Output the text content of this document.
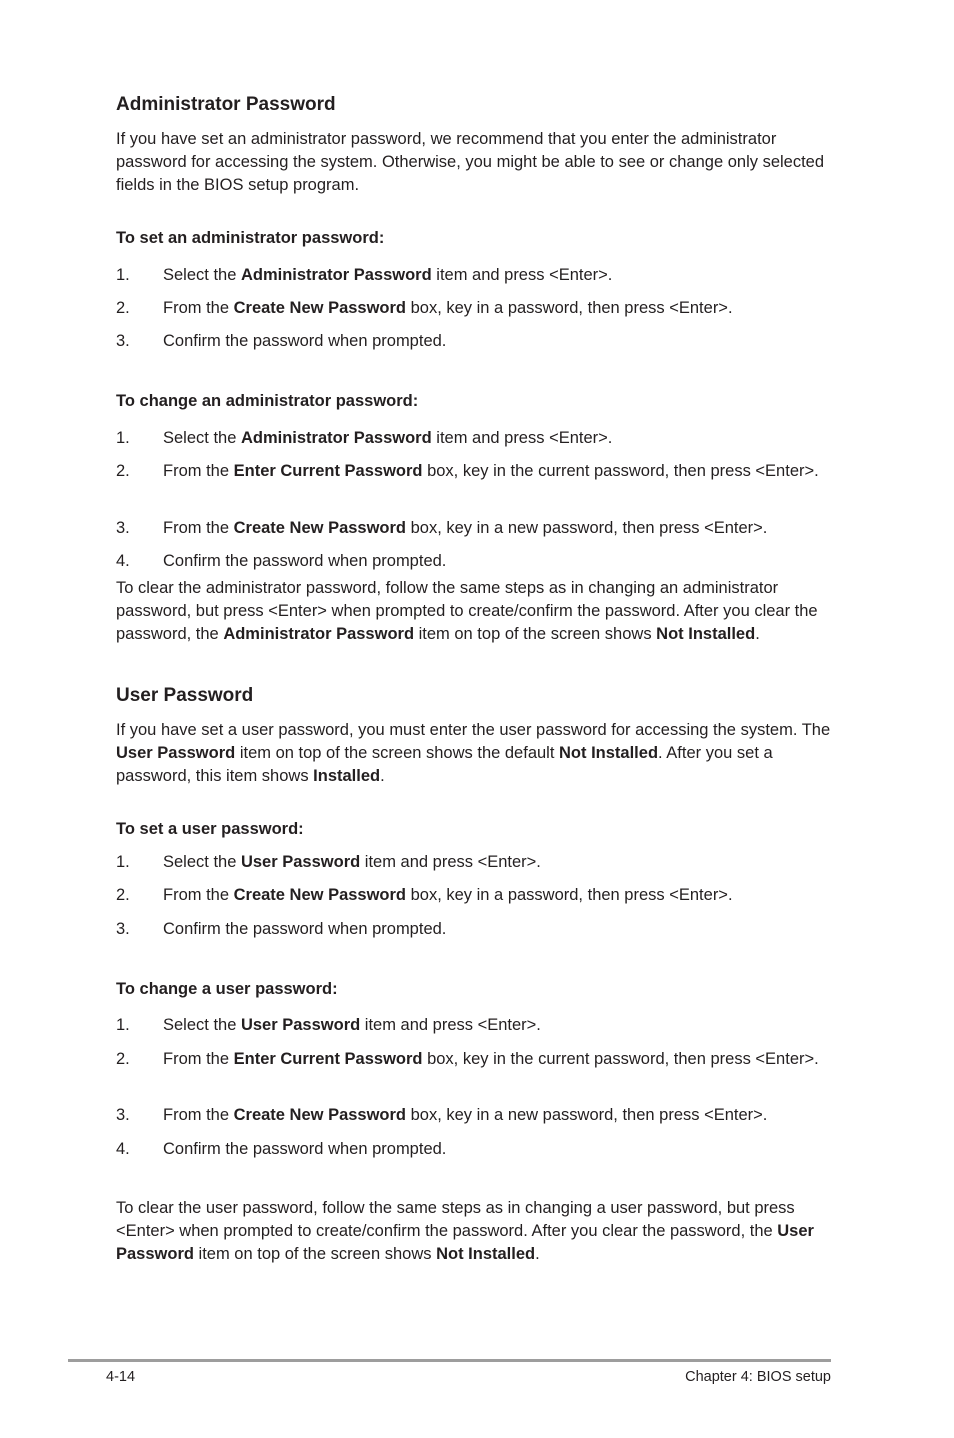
Administrator Password

If you have set an administrator password, we recommend that you enter the administrator password for accessing the system. Otherwise, you might be able to see or change only selected fields in the BIOS setup program.

To set an administrator password:

1. Select the Administrator Password item and press <Enter>.

2. From the Create New Password box, key in a password, then press <Enter>.

3. Confirm the password when prompted.

To change an administrator password:

1. Select the Administrator Password item and press <Enter>.

2. From the Enter Current Password box, key in the current password, then press <Enter>.

3. From the Create New Password box, key in a new password, then press <Enter>.

4. Confirm the password when prompted.

To clear the administrator password, follow the same steps as in changing an administrator password, but press <Enter> when prompted to create/confirm the password. After you clear the password, the Administrator Password item on top of the screen shows Not Installed.

User Password

If you have set a user password, you must enter the user password for accessing the system. The User Password item on top of the screen shows the default Not Installed. After you set a password, this item shows Installed.

To set a user password:

1. Select the User Password item and press <Enter>.

2. From the Create New Password box, key in a password, then press <Enter>.

3. Confirm the password when prompted.

To change a user password:

1. Select the User Password item and press <Enter>.

2. From the Enter Current Password box, key in the current password, then press <Enter>.

3. From the Create New Password box, key in a new password, then press <Enter>.

4. Confirm the password when prompted.

To clear the user password, follow the same steps as in changing a user password, but press <Enter> when prompted to create/confirm the password. After you clear the password, the User Password item on top of the screen shows Not Installed.

4-14	Chapter 4: BIOS setup
